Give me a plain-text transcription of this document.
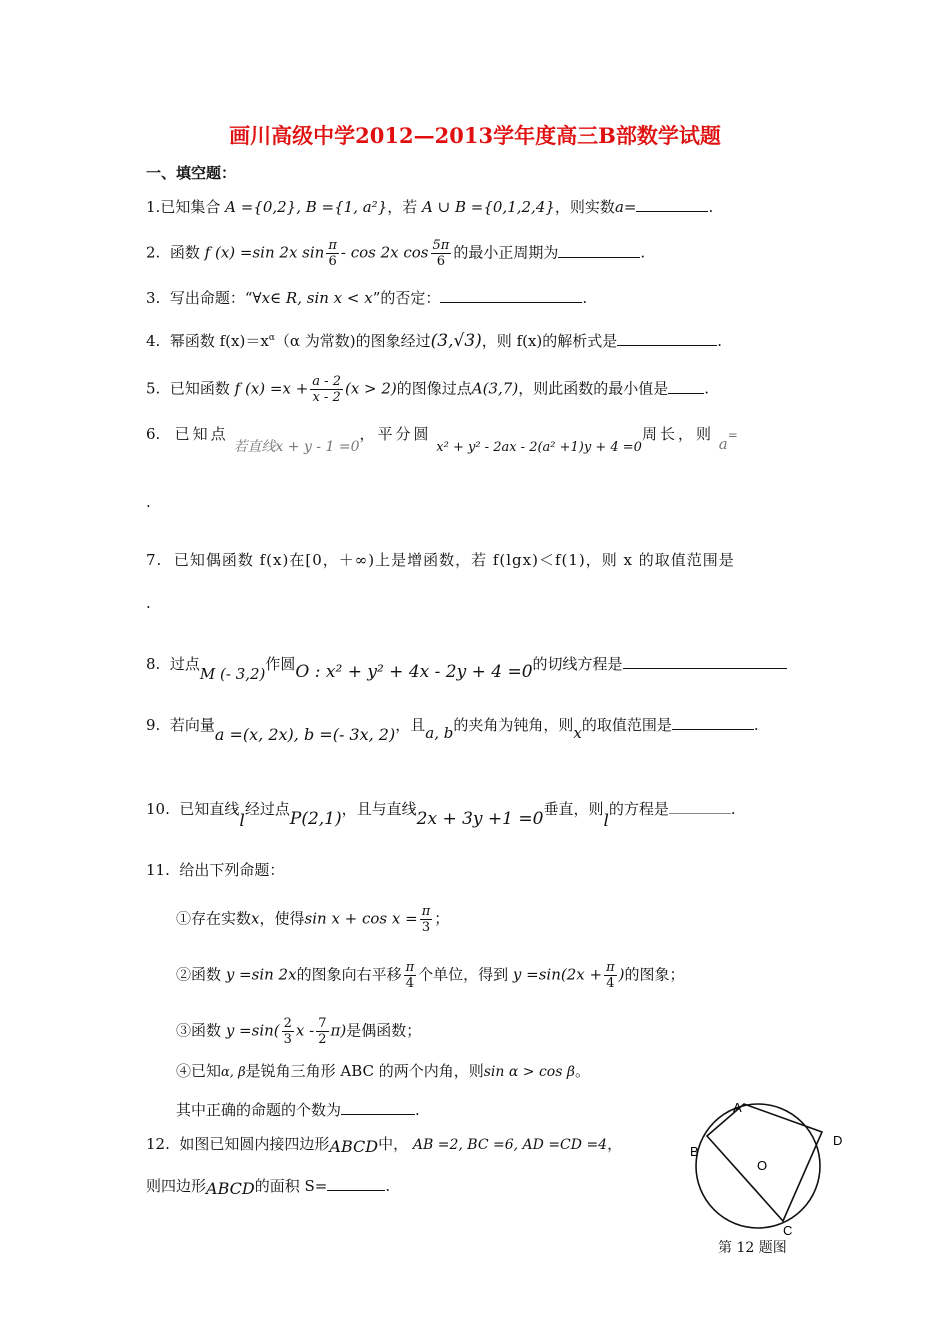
画川高级中学2012—2013学年度高三B部数学试题
一、填空题：
1.已知集合 A ={0,2}, B ={1, a²}，若 A ∪ B ={0,1,2,4}，则实数a=	.
2. 函数 f (x) =sin 2x $\sin \frac{\pi}{6}$ - cos 2x $\cos \frac{5\pi}{6}$ 的最小正周期为	.
3. 写出命题：“∀x∈ R, sin x < x”的否定：	.
4. 幂函数 $f(x)=x^\alpha(\alpha$ 为常数)的图象经过(3,√3)，则 f(x)的解析式是	.
5. 已知函数 f $(x) =x + \frac{a - 2}{x - 2} (x > 2)$的图像过点A(3,7)，则此函数的最小值是 .
6. 已知点 若直线x + y - 1 =0，平分圆 x² + y² - 2ax - 2(a² +1)y + 4 =0周长，则 a=
.
7. 已知偶函数 f(x)在[0，＋∞)上是增函数，若 f(lgx)＜f(1)，则 x 的取值范围是
.
8. 过点M (- 3,2)作圆O : x² + y² + 4x - 2y + 4 =0的切线方程是
9. 若向量a =(x, 2x), b =(- 3x, 2)，且a, b的夹角为钝角，则x的取值范围是	.
10. 已知直线l经过点P(2,1)，且与直线2x + 3y +1 =0垂直，则l的方程是	.
11. 给出下列命题：
①存在实数x，使得$\sin x + \cos x = \frac{\pi}{3}$ ；
②函数 y =sin 2x的图象向右平移 $\frac{\pi}{4}$ 个单位，得到 $y =\sin(2x + \frac{\pi}{4}$ )的图象；
③函数 $y =\sin( \frac{2}{3}$ x - $\frac{7}{2} \pi$)是偶函数；
④已知α, β是锐角三角形 ABC 的两个内角，则sin α > cos β。
其中正确的命题的个数为	.
12. 如图已知圆内接四边形ABCD中， AB =2, BC =6, AD =CD =4，
则四边形ABCD的面积 S=	.
A
B
C
D
O
第 12 题图
